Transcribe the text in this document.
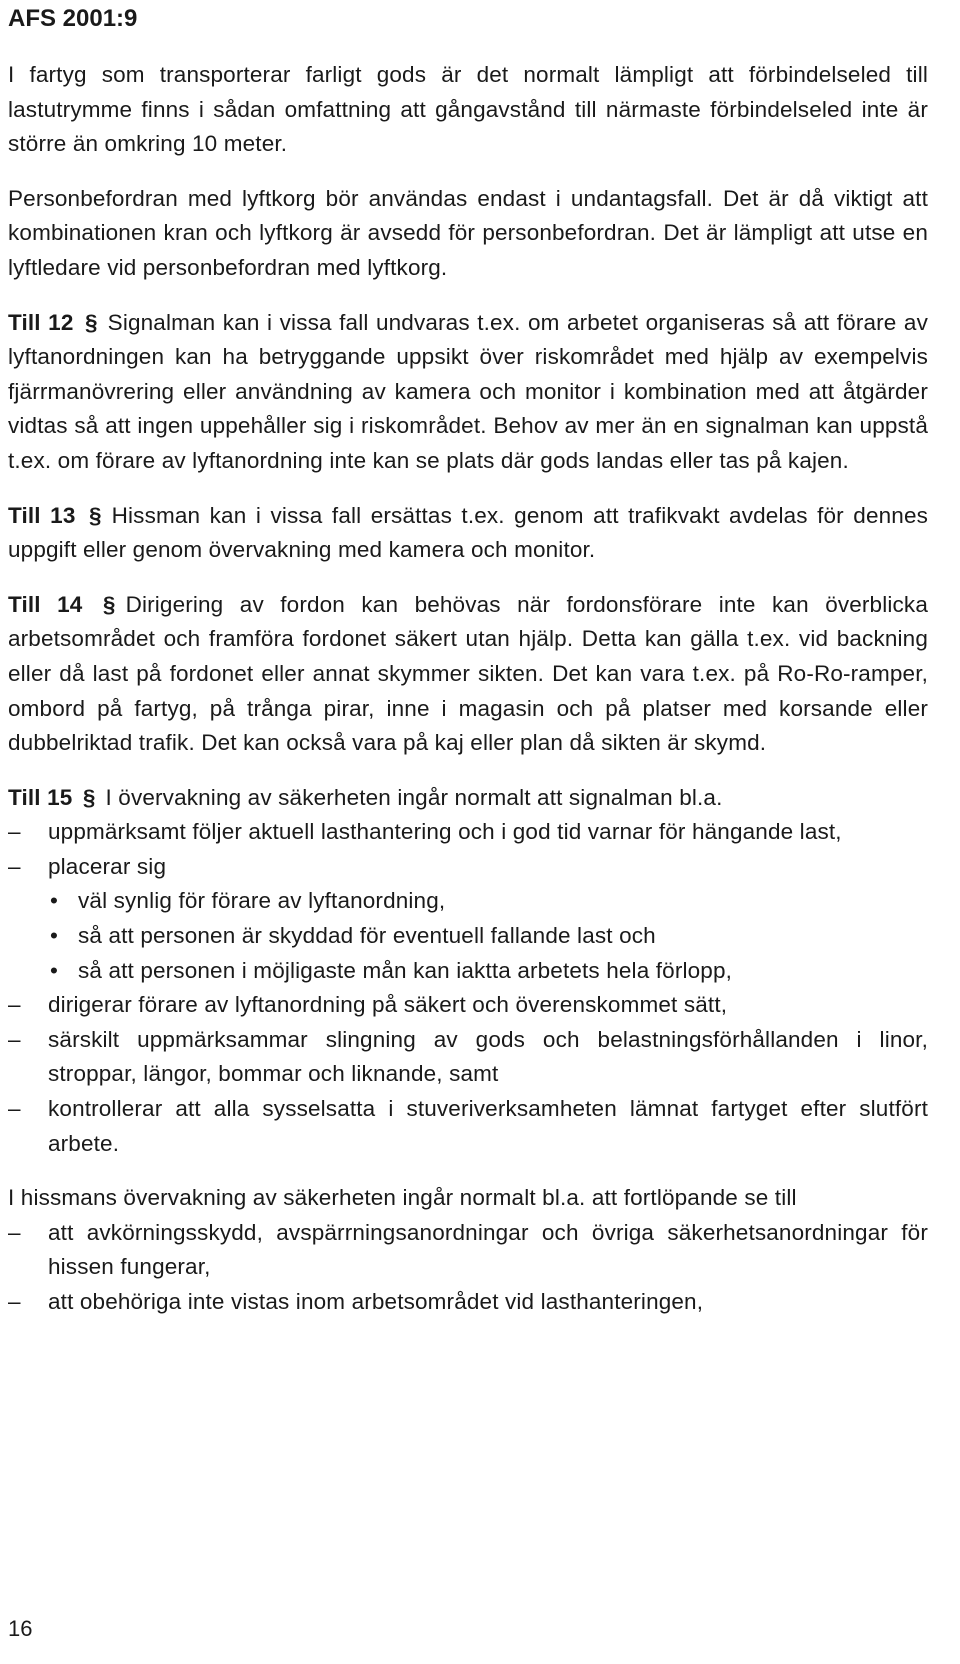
AFS 2001:9

I fartyg som transporterar farligt gods är det normalt lämpligt att förbindelseled till lastutrymme finns i sådan omfattning att gångavstånd till närmaste förbindelseled inte är större än omkring 10 meter.

Personbefordran med lyftkorg bör användas endast i undantagsfall. Det är då viktigt att kombinationen kran och lyftkorg är avsedd för personbefordran. Det är lämpligt att utse en lyftledare vid personbefordran med lyftkorg.

Till 12 § Signalman kan i vissa fall undvaras t.ex. om arbetet organiseras så att förare av lyftanordningen kan ha betryggande uppsikt över riskområdet med hjälp av exempelvis fjärrmanövrering eller användning av kamera och monitor i kombination med att åtgärder vidtas så att ingen uppehåller sig i riskområdet. Behov av mer än en signalman kan uppstå t.ex. om förare av lyftanordning inte kan se plats där gods landas eller tas på kajen.

Till 13 § Hissman kan i vissa fall ersättas t.ex. genom att trafikvakt avdelas för dennes uppgift eller genom övervakning med kamera och monitor.

Till 14 § Dirigering av fordon kan behövas när fordonsförare inte kan överblicka arbetsområdet och framföra fordonet säkert utan hjälp. Detta kan gälla t.ex. vid backning eller då last på fordonet eller annat skymmer sikten. Det kan vara t.ex. på Ro-Ro-ramper, ombord på fartyg, på trånga pirar, inne i magasin och på platser med korsande eller dubbelriktad trafik. Det kan också vara på kaj eller plan då sikten är skymd.

Till 15 § I övervakning av säkerheten ingår normalt att signalman bl.a.
– uppmärksamt följer aktuell lasthantering och i god tid varnar för hängande last,
– placerar sig
• väl synlig för förare av lyftanordning,
• så att personen är skyddad för eventuell fallande last och
• så att personen i möjligaste mån kan iaktta arbetets hela förlopp,
– dirigerar förare av lyftanordning på säkert och överenskommet sätt,
– särskilt uppmärksammar slingning av gods och belastningsförhållanden i linor, stroppar, längor, bommar och liknande, samt
– kontrollerar att alla sysselsatta i stuveriverksamheten lämnat fartyget efter slutfört arbete.
I hissmans övervakning av säkerheten ingår normalt bl.a. att fortlöpande se till
– att avkörningsskydd, avspärrningsanordningar och övriga säkerhetsanordningar för hissen fungerar,
– att obehöriga inte vistas inom arbetsområdet vid lasthanteringen,
16
